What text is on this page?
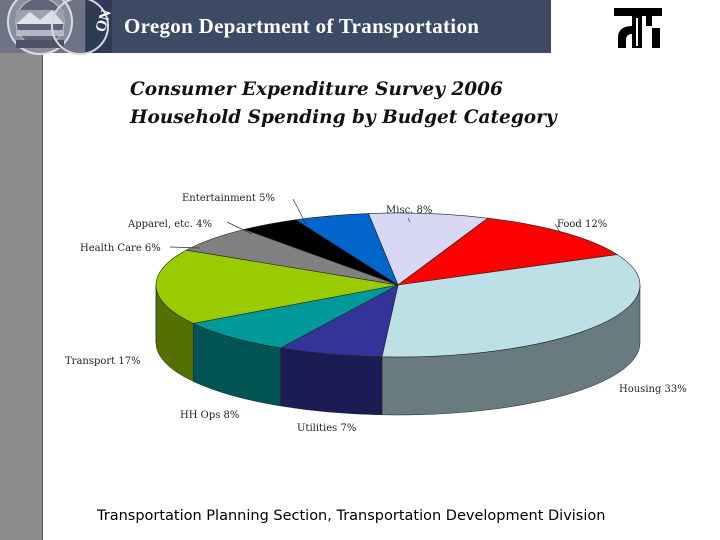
ON Oregon Department of Transportation
Consumer Expenditure Survey 2006
Household Spending by Budget Category
Misc. 8%
Food 12%
Housing 33%
Utilities 7%
HH Ops 8%
Transport 17%
Health Care 6%
Apparel, etc. 4%
Entertainment 5%
Transportation Planning Section, Transportation Development Division
